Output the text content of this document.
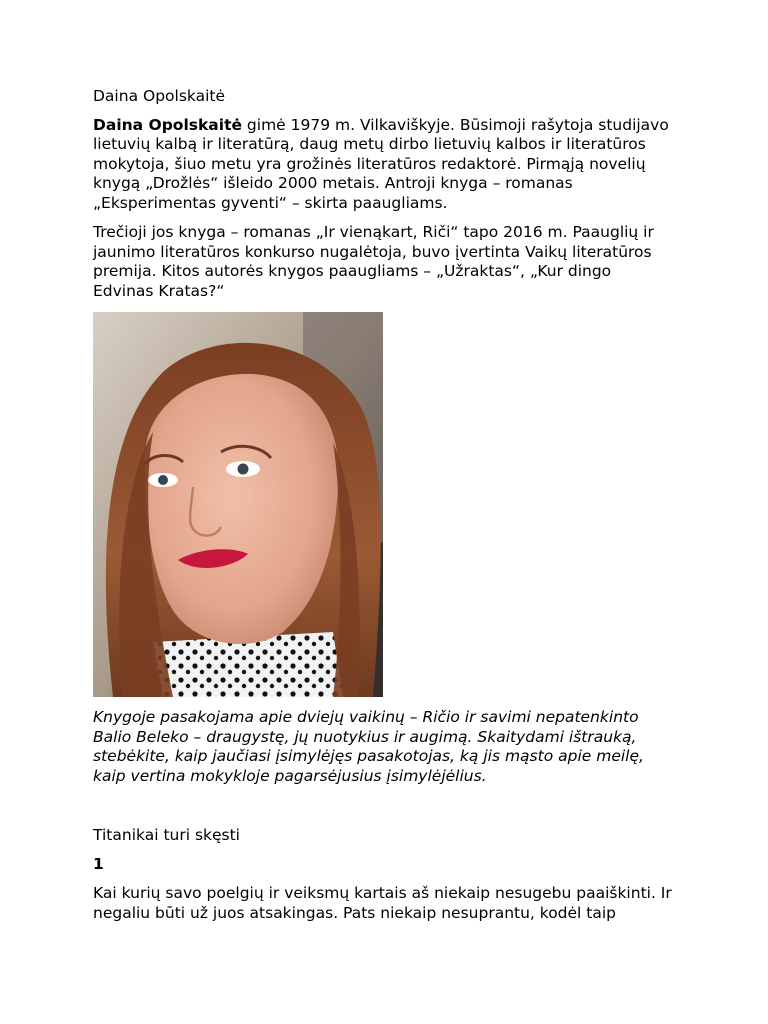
Daina Opolskaitė

Daina Opolskaitė gimė 1979 m. Vilkaviškyje. Būsimoji rašytoja studijavo

lietuvių kalbą ir literatūrą, daug metų dirbo lietuvių kalbos ir literatūros

mokytoja, šiuo metu yra grožinės literatūros redaktorė. Pirmąją novelių

knygą „Drožlės“ išleido 2000 metais. Antroji knyga – romanas

„Eksperimentas gyventi“ – skirta paaugliams.

Trečioji jos knyga – romanas „Ir vienąkart, Riči“ tapo 2016 m. Paauglių ir

jaunimo literatūros konkurso nugalėtoja, buvo įvertinta Vaikų literatūros

premija. Kitos autorės knygos paaugliams – „Užraktas“, „Kur dingo

Edvinas Kratas?“

Knygoje pasakojama apie dviejų vaikinų – Ričio ir savimi nepatenkinto

Balio Beleko – draugystę, jų nuotykius ir augimą. Skaitydami ištrauką,

stebėkite, kaip jaučiasi įsimylėjęs pasakotojas, ką jis mąsto apie meilę,

kaip vertina mokykloje pagarsėjusius įsimylėjėlius.

Titanikai turi skęsti

1

Kai kurių savo poelgių ir veiksmų kartais aš niekaip nesugebu paaiškinti. Ir

negaliu būti už juos atsakingas. Pats niekaip nesuprantu, kodėl taip
